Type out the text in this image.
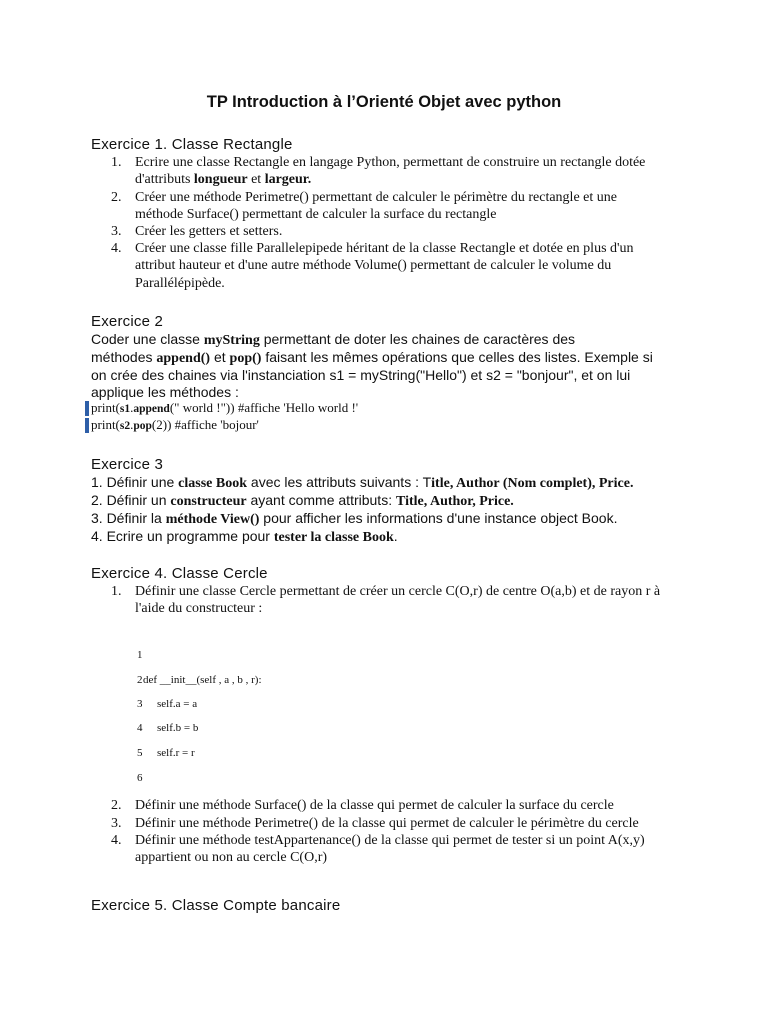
TP Introduction à l’Orienté Objet avec python
Exercice 1. Classe Rectangle
1. Ecrire une classe Rectangle en langage Python, permettant de construire un rectangle dotée
d'attributs longueur et largeur.
2. Créer une méthode Perimetre() permettant de calculer le périmètre du rectangle et une
méthode Surface() permettant de calculer la surface du rectangle
3. Créer les getters et setters.
4. Créer une classe fille Parallelepipede héritant de la classe Rectangle et dotée en plus d'un
attribut hauteur et d'une autre méthode Volume() permettant de calculer le volume du
Parallélépipède.
Exercice 2
Coder une classe myString permettant de doter les chaines de caractères des
méthodes append() et pop() faisant les mêmes opérations que celles des listes. Exemple si
on crée des chaines via l'instanciation s1 = myString("Hello") et s2 = "bonjour", et on lui
applique les méthodes :
print(s1.append(" world !")) #affiche 'Hello world !'
print(s2.pop(2)) #affiche 'bojour'
Exercice 3
1. Définir une classe Book avec les attributs suivants : Title, Author (Nom complet), Price.
2. Définir un constructeur ayant comme attributs: Title, Author, Price.
3. Définir la méthode View() pour afficher les informations d'une instance object Book.
4. Ecrire un programme pour tester la classe Book.
Exercice 4. Classe Cercle
1. Définir une classe Cercle permettant de créer un cercle C(O,r) de centre O(a,b) et de rayon r à
l'aide du constructeur :
1
2 def __init__(self , a , b , r):
3 self.a = a
4 self.b = b
5 self.r = r
6
2. Définir une méthode Surface() de la classe qui permet de calculer la surface du cercle
3. Définir une méthode Perimetre() de la classe qui permet de calculer le périmètre du cercle
4. Définir une méthode testAppartenance() de la classe qui permet de tester si un point A(x,y)
appartient ou non au cercle C(O,r)
Exercice 5. Classe Compte bancaire
